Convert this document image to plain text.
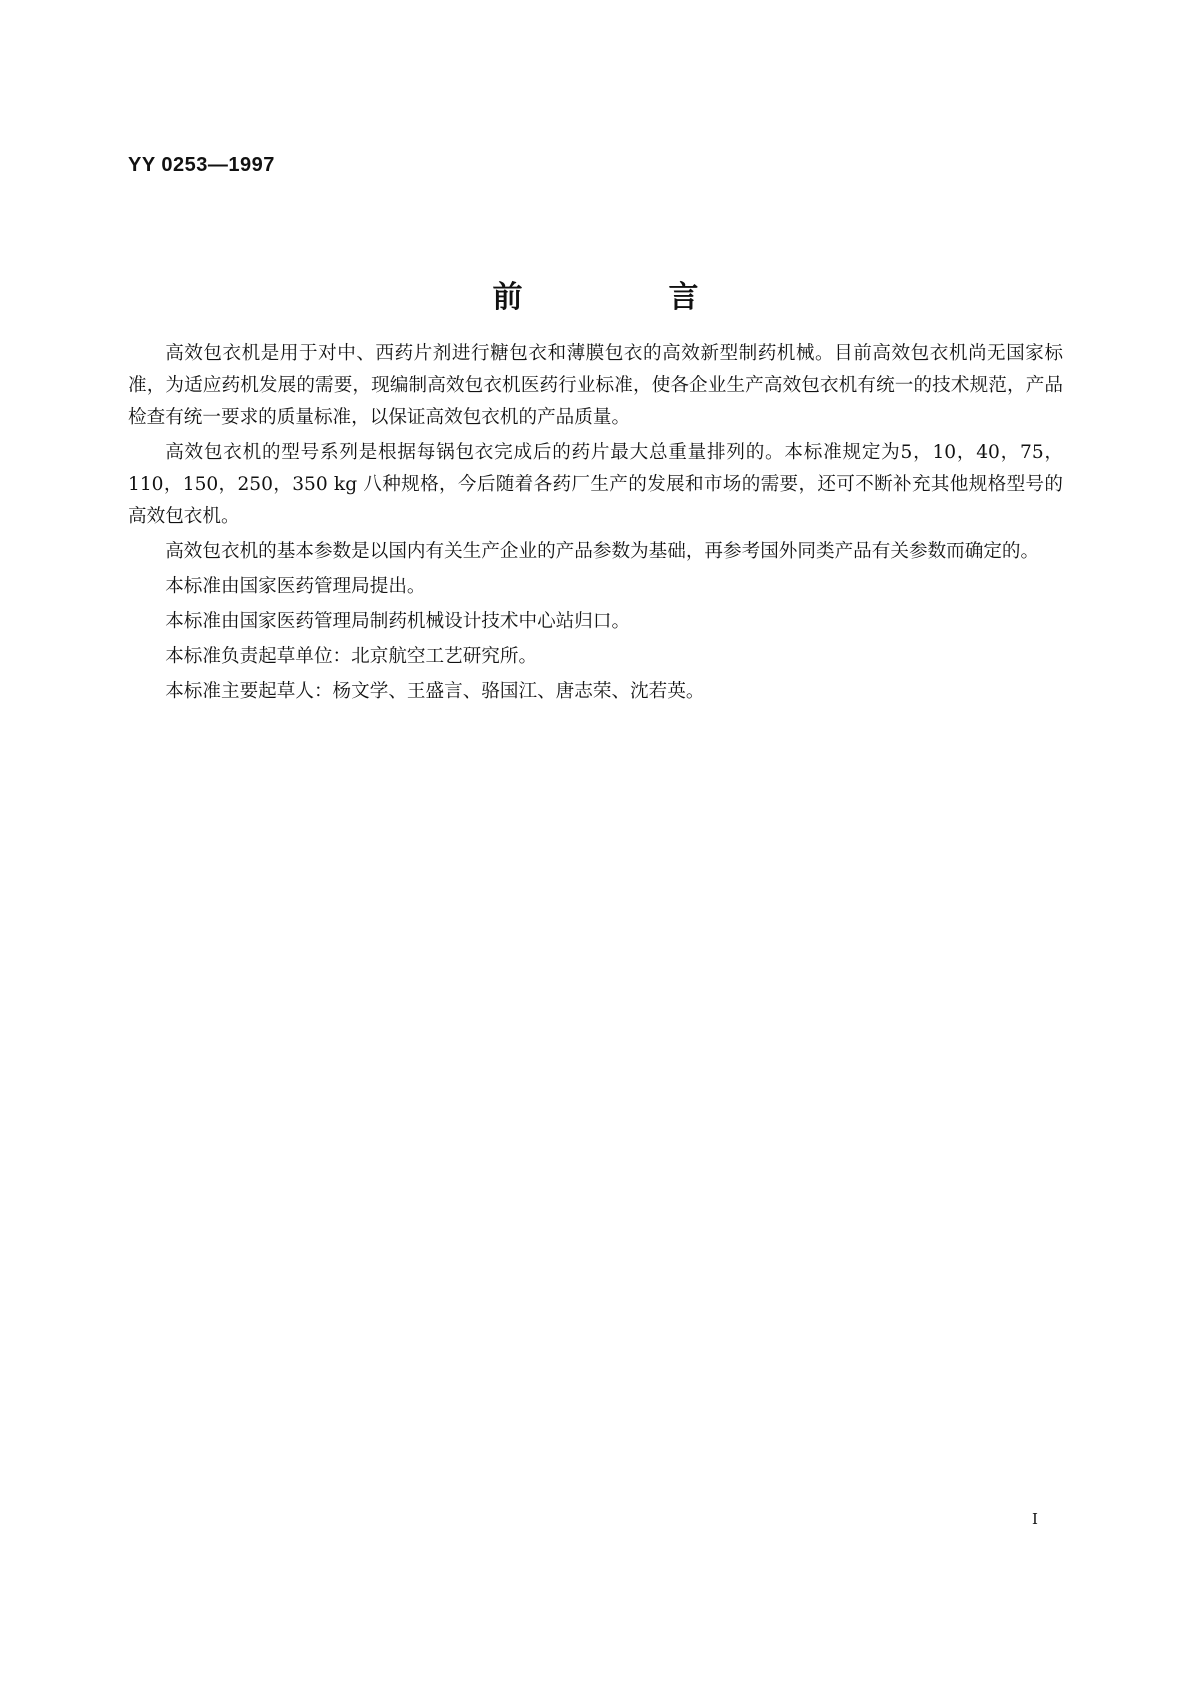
YY 0253—1997
前　言

高效包衣机是用于对中、西药片剂进行糖包衣和薄膜包衣的高效新型制药机械。目前高效包衣机尚无国家标准，为适应药机发展的需要，现编制高效包衣机医药行业标准，使各企业生产高效包衣机有统一的技术规范，产品检查有统一要求的质量标准，以保证高效包衣机的产品质量。

高效包衣机的型号系列是根据每锅包衣完成后的药片最大总重量排列的。本标准规定为5，10，40，75，110，150，250，350 kg 八种规格，今后随着各药厂生产的发展和市场的需要，还可不断补充其他规格型号的高效包衣机。

高效包衣机的基本参数是以国内有关生产企业的产品参数为基础，再参考国外同类产品有关参数而确定的。

本标准由国家医药管理局提出。

本标准由国家医药管理局制药机械设计技术中心站归口。

本标准负责起草单位：北京航空工艺研究所。

本标准主要起草人：杨文学、王盛言、骆国江、唐志荣、沈若英。

I
